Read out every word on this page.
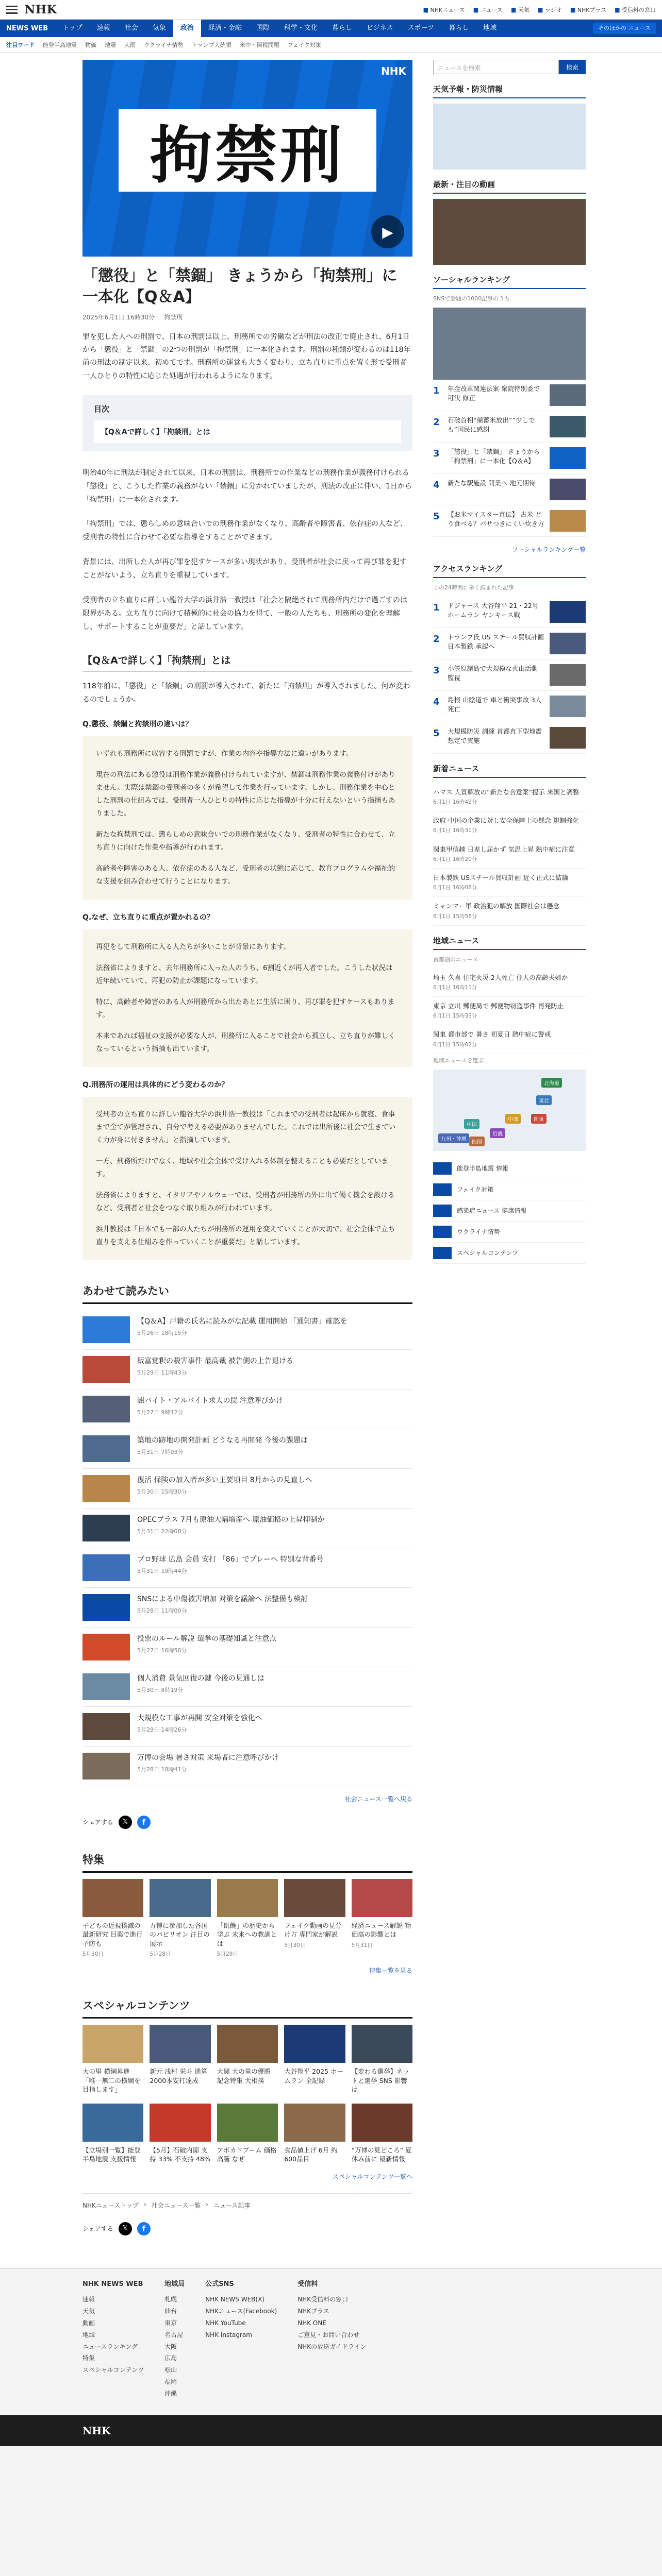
NHK	■ NHKニュース	■ ニュース	■ 天気	■ ラジオ	■ NHKプラス	■ 受信料の窓口
NEWS WEB	トップ	速報	社会	気象	政治	経済・金融	国際	科学・文化	暮らし	ビジネス	スポーツ	暮らし	地域	そのほかの ニュース
注目ワード 能登半島地震 物価 地震 大雨 ウクライナ情勢 トランプ大統領 米中・関税問題 フェイク対策
拘禁刑
NHK
▶
「懲役」と「禁錮」 きょうから「拘禁刑」に一本化【Q＆A】
2025年6月1日 16時30分 拘禁刑

罪を犯した人への刑罰で、日本の刑罰は以上、刑務所での労働などが刑法の改正で廃止され、6月1日から「懲役」と「禁錮」の2つの刑罰が「拘禁刑」に一本化されます。刑罰の種類が変わるのは118年前の刑法の制定以来、初めてです。刑務所の運営も大きく変わり、立ち直りに重点を置く形で受刑者一人ひとりの特性に応じた処遇が行われるようになります。

目次
【Q＆Aで詳しく】「拘禁刑」とは

明治40年に刑法が制定されて以来、日本の刑罰は、刑務所での作業などの刑務作業が義務付けられる「懲役」と、こうした作業の義務がない「禁錮」に分かれていましたが、刑法の改正に伴い、1日から「拘禁刑」に一本化されます。

「拘禁刑」では、懲らしめの意味合いでの刑務作業がなくなり、高齢者や障害者、依存症の人など、受刑者の特性に合わせて必要な指導をすることができます。

背景には、出所した人が再び罪を犯すケースが多い現状があり、受刑者が社会に戻って再び罪を犯すことがないよう、立ち直りを重視しています。

受刑者の立ち直りに詳しい龍谷大学の浜井浩一教授は「社会と隔絶されて刑務所内だけで過ごすのは限界がある。立ち直りに向けて積極的に社会の協力を得て、一般の人たちも、刑務所の変化を理解し、サポートすることが重要だ」と話しています。

【Q＆Aで詳しく】「拘禁刑」とは

118年前に、「懲役」と「禁錮」の刑罰が導入されて、新たに「拘禁刑」が導入されました。何が変わるのでしょうか。

Q.懲役、禁錮と拘禁刑の違いは？

いずれも刑務所に収容する刑罰ですが、作業の内容や指導方法に違いがあります。

現在の刑法にある懲役は刑務作業が義務付けられていますが、禁錮は刑務作業の義務付けがありません。実際は禁錮の受刑者の多くが希望して作業を行っています。しかし、刑務作業を中心とした刑罰の仕組みでは、受刑者一人ひとりの特性に応じた指導が十分に行えないという指摘もありました。

新たな拘禁刑では、懲らしめの意味合いでの刑務作業がなくなり、受刑者の特性に合わせて、立ち直りに向けた作業や指導が行われます。

高齢者や障害のある人、依存症のある人など、受刑者の状態に応じて、教育プログラムや福祉的な支援を組み合わせて行うことになります。

Q.なぜ、立ち直りに重点が置かれるの？

再犯をして刑務所に入る人たちが多いことが背景にあります。

法務省によりますと、去年刑務所に入った人のうち、6割近くが再入者でした。こうした状況は近年続いていて、再犯の防止が課題になっています。

特に、高齢者や障害のある人が刑務所から出たあとに生活に困り、再び罪を犯すケースもあります。

本来であれば福祉の支援が必要な人が、刑務所に入ることで社会から孤立し、立ち直りが難しくなっているという指摘も出ています。

Q.刑務所の運用は具体的にどう変わるのか？

受刑者の立ち直りに詳しい龍谷大学の浜井浩一教授は「これまでの受刑者は起床から就寝、食事まで全てが管理され、自分で考える必要がありませんでした。これでは出所後に社会で生きていく力が身に付きません」と指摘しています。

一方、刑務所だけでなく、地域や社会全体で受け入れる体制を整えることも必要だとしています。

法務省によりますと、イタリアやノルウェーでは、受刑者が刑務所の外に出て働く機会を設けるなど、受刑者と社会をつなぐ取り組みが行われています。

浜井教授は「日本でも一部の人たちが刑務所の運用を変えていくことが大切で、社会全体で立ち直りを支える仕組みを作っていくことが重要だ」と話しています。

あわせて読みたい
【Q＆A】戸籍の氏名に読みがな記載 運用開始 「通知書」確認を
5月26日 18時15分
飯富覚釈の殺害事件 最高裁 被告側の上告退ける
5月29日 11時43分
闇バイト・アルバイト求人の罠 注意呼びかけ
5月27日 9時12分
築地の跡地の開発計画 どうなる再開発 今後の課題は
5月31日 7時03分
復活 保険の加入者が多い主要項目 8月からの見直しへ
5月30日 15時30分
OPECプラス 7月も原油大幅増産へ 原油価格の上昇抑制か
5月31日 22時08分
プロ野球 広島 会員 安打 「86」でプレーへ 特別な背番号
5月31日 19時44分
SNSによる中傷被害増加 対策を議論へ 法整備も検討
5月28日 11時00分
投票のルール解説 選挙の基礎知識と注意点
5月27日 16時50分
個人消費 景気回復の鍵 今後の見通しは
5月30日 8時19分
大規模な工事が再開 安全対策を強化へ
5月29日 14時26分
万博の会場 暑さ対策 来場者に注意呼びかけ
5月28日 18時41分
社会ニュース一覧へ戻る
シェアする	𝕏	f
特集
子どもの近視撲滅の最新研究 目薬で進行予防も
5月30日
万博に参加した各国のパビリオン 注目の展示
5月28日
「飢饉」の歴史から学ぶ 未来への教訓とは
5月29日
フェイク動画の見分け方 専門家が解説
5月30日
経済ニュース解説 物価高の影響とは
5月31日
特集一覧を見る
スペシャルコンテンツ
大の里 横綱昇進 「唯一無二の横綱を目指します」
新元 浅村 栄斗 通算2000本安打達成
大関 大の里の優勝 記念特集 大相撲
大谷翔平 2025 ホームラン 全記録
【変わる選挙】ネットと選挙 SNS 影響は
【立場別一覧】能登半島地震 支援情報
【5月】石破内閣 支持 33% 不支持 48%
アボカドブーム 価格高騰 なぜ
食品値上げ 6月 約600品目
“万博の見どころ” 夏休み前に 最新情報
スペシャルコンテンツ一覧へ
NHKニューストップ › 社会ニュース一覧 › ニュース記事
シェアする	𝕏	f
ニュースを検索	検索
天気予報・防災情報
最新・注目の動画
ソーシャルランキング
SNSで話題の1000記事のうち
1	年金改革関連法案 衆院特別委で可決 修正
2	石破首相“備蓄米放出”“少しでも”国民に感謝
3	「懲役」と「禁錮」 きょうから「拘禁刑」に一本化【Q＆A】
4	新たな駅施設 開業へ 地元期待
5	【お米マイスター直伝】 古米 どう食べる？パサつきにくい炊き方
ソーシャルランキング一覧
アクセスランキング
この24時間に多く読まれた記事
1	ドジャース 大谷翔平 21・22号ホームラン ヤンキース戦
2	トランプ氏 US スチール買収計画 日本製鉄 承認へ
3	小笠原諸島で大規模な火山活動 監視
4	島根 山陰道で 車と衝突事故 3人死亡
5	大規模防災 訓練 首都直下型地震想定で実施
新着ニュース
ハマス 人質解放の“新たな合意案”提示 米国と調整
6月1日 16時42分
政府 中国の企業に対し安全保障上の懸念 規制強化
6月1日 16時31分
関東甲信越 日差し届かず 気温上昇 熱中症に注意
6月1日 16時20分
日本製鉄 USスチール買収計画 近く正式に結論
6月1日 16時08分
ミャンマー軍 政治犯の解放 国際社会は懸念
6月1日 15時58分
地域ニュース
首都圏のニュース
埼玉 久喜 住宅火災 2人死亡 住人の高齢夫婦か
6月1日 16時11分
東京 立川 郵便局で 郵便物窃盗事件 再発防止
6月1日 15時33分
関東 都市部で 暑さ 初夏日 熱中症に警戒
6月1日 15時02分
地域ニュースを選ぶ
北海道
東北
関東
中部
近畿
中国
四国
九州・沖縄
能登半島地震 情報
フェイク対策
感染症ニュース 健康情報
ウクライナ情勢
スペシャルコンテンツ
NHK NEWS WEB
速報
天気
動画
地域
ニュースランキング
特集
スペシャルコンテンツ
地域局
札幌
仙台
東京
名古屋
大阪
広島
松山
福岡
沖縄
公式SNS
NHK NEWS WEB(X)
NHKニュース(Facebook)
NHK YouTube
NHK Instagram
受信料
NHK受信料の窓口
NHKプラス
NHK ONE
ご意見・お問い合わせ
NHKの放送ガイドライン
NHK
